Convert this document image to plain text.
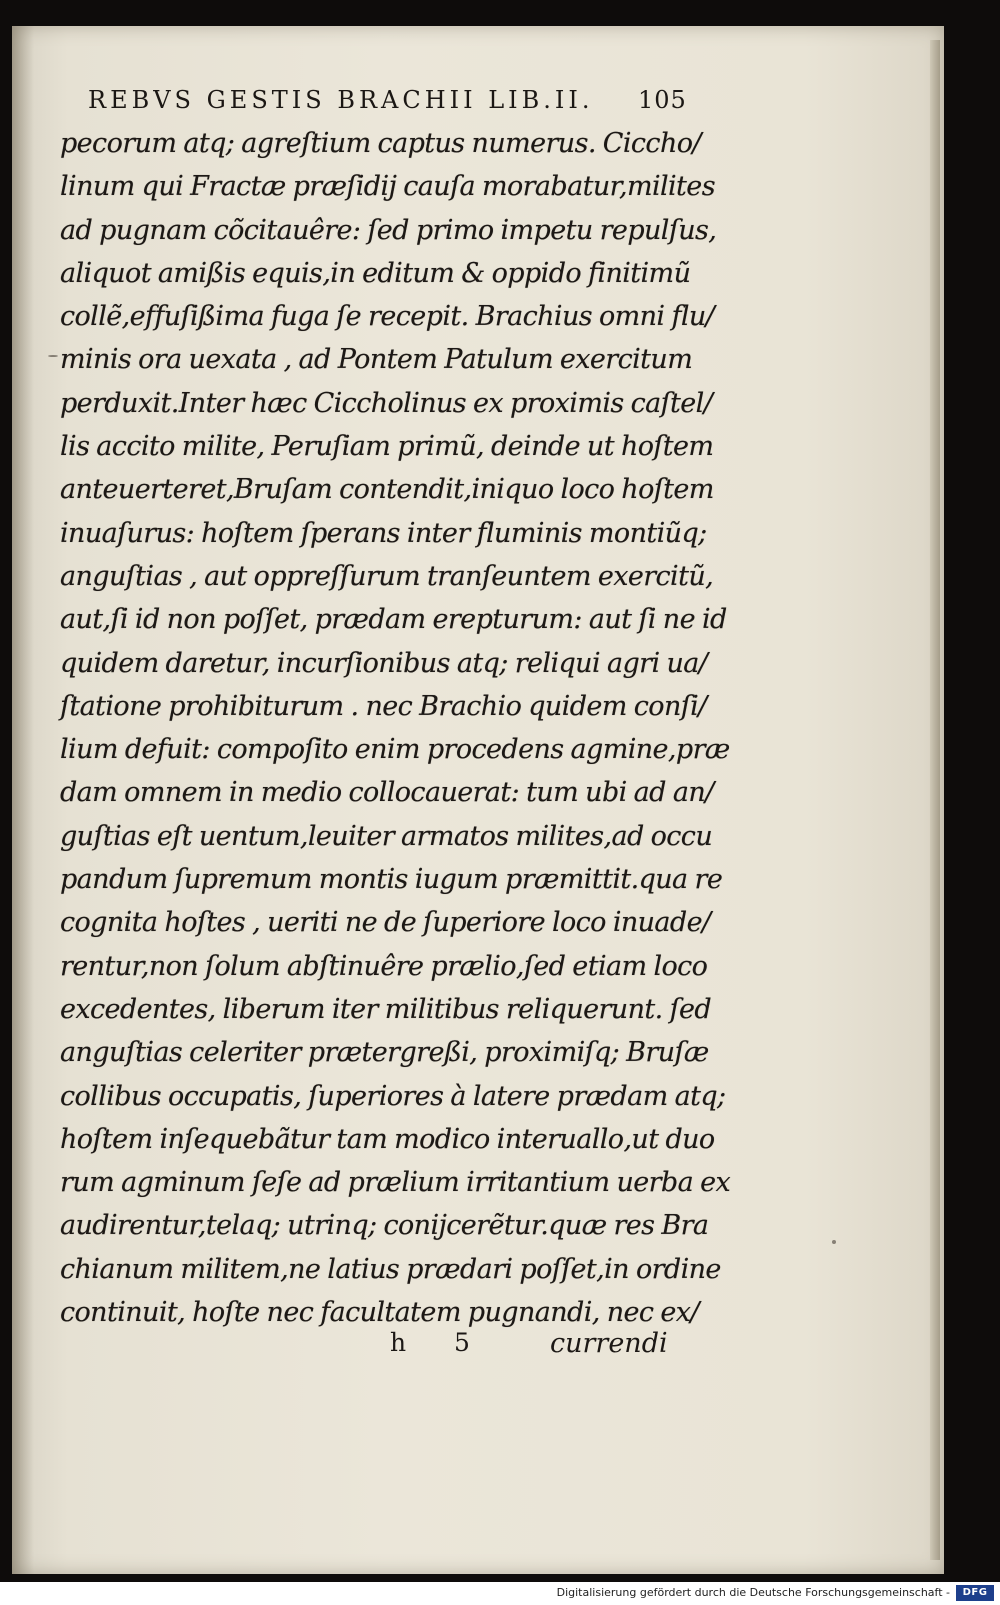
REBVS GESTIS BRACHII LIB.II. 105
pecorum atq; agreſtium captus numerus. Ciccho/
linum qui Fractæ præſidij cauſa morabatur,milites
ad pugnam cõcitauêre: ſed primo impetu repulſus,
aliquot amißis equis,in editum & oppido finitimũ
collẽ,effuſißima fuga ſe recepit. Brachius omni flu/
minis ora uexata , ad Pontem Patulum exercitum
perduxit.Inter hæc Ciccholinus ex proximis caſtel/
lis accito milite, Peruſiam primũ, deinde ut hoſtem
anteuerteret,Bruſam contendit,iniquo loco hoſtem
inuaſurus: hoſtem ſperans inter fluminis montiũq;
anguſtias , aut oppreſſurum tranſeuntem exercitũ,
aut,ſi id non poſſet, prædam erepturum: aut ſi ne id
quidem daretur, incurſionibus atq; reliqui agri ua/
ſtatione prohibiturum . nec Brachio quidem conſi/
lium defuit: compoſito enim procedens agmine,præ
dam omnem in medio collocauerat: tum ubi ad an/
guſtias eſt uentum,leuiter armatos milites,ad occu
pandum ſupremum montis iugum præmittit.qua re
cognita hoſtes , ueriti ne de ſuperiore loco inuade/
rentur,non ſolum abſtinuêre prælio,ſed etiam loco
excedentes, liberum iter militibus reliquerunt. ſed
anguſtias celeriter prætergreßi, proximiſq; Bruſæ
collibus occupatis, ſuperiores à latere prædam atq;
hoſtem inſequebãtur tam modico interuallo,ut duo
rum agminum ſeſe ad prælium irritantium uerba ex
audirentur,telaq; utrinq; conijcerẽtur.quæ res Bra
chianum militem,ne latius prædari poſſet,in ordine
continuit, hoſte nec facultatem pugnandi, nec ex/
h 5 currendi
Digitalisierung gefördert durch die Deutsche Forschungsgemeinschaft -	DFG
